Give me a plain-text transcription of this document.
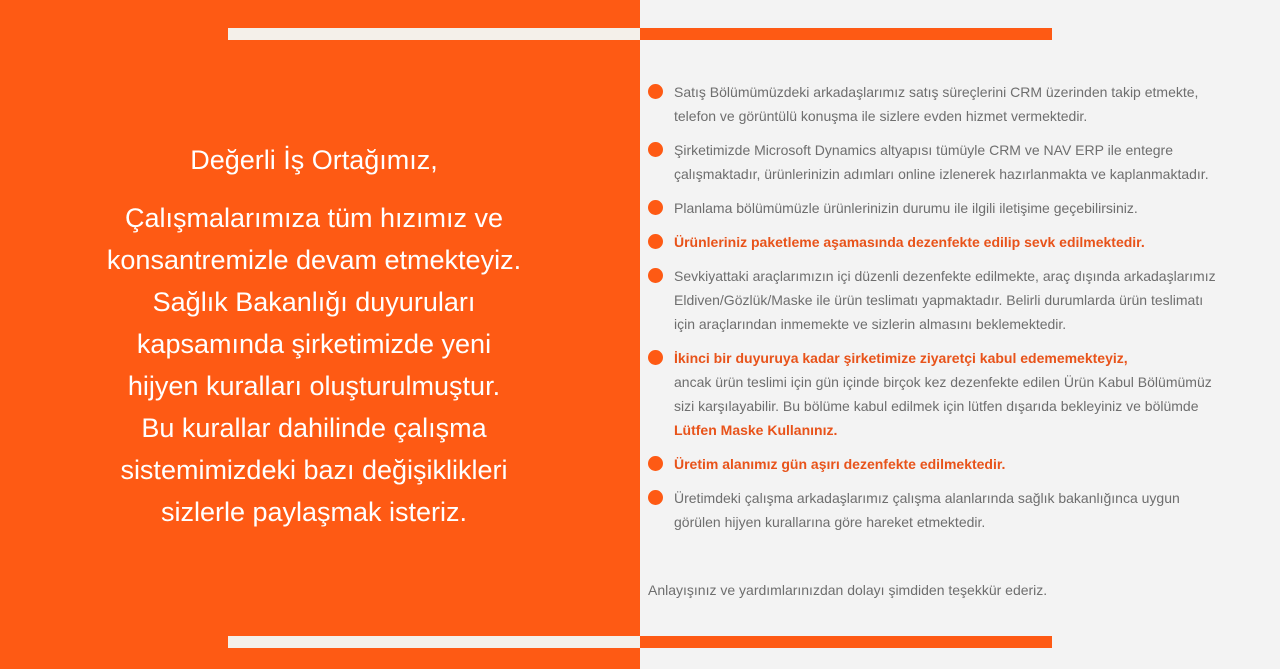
Değerli İş Ortağımız,
Çalışmalarımıza tüm hızımız ve
konsantremizle devam etmekteyiz.
Sağlık Bakanlığı duyuruları
kapsamında şirketimizde yeni
hijyen kuralları oluşturulmuştur.
Bu kurallar dahilinde çalışma
sistemimizdeki bazı değişiklikleri
sizlerle paylaşmak isteriz.
Satış Bölümümüzdeki arkadaşlarımız satış süreçlerini CRM üzerinden takip etmekte,
telefon ve görüntülü konuşma ile sizlere evden hizmet vermektedir.
Şirketimizde Microsoft Dynamics altyapısı tümüyle CRM ve NAV ERP ile entegre
çalışmaktadır, ürünlerinizin adımları online izlenerek hazırlanmakta ve kaplanmaktadır.
Planlama bölümümüzle ürünlerinizin durumu ile ilgili iletişime geçebilirsiniz.
Ürünleriniz paketleme aşamasında dezenfekte edilip sevk edilmektedir.
Sevkiyattaki araçlarımızın içi düzenli dezenfekte edilmekte, araç dışında arkadaşlarımız
Eldiven/Gözlük/Maske ile ürün teslimatı yapmaktadır. Belirli durumlarda ürün teslimatı
için araçlarından inmemekte ve sizlerin almasını beklemektedir.
İkinci bir duyuruya kadar şirketimize ziyaretçi kabul edememekteyiz,
ancak ürün teslimi için gün içinde birçok kez dezenfekte edilen Ürün Kabul Bölümümüz
sizi karşılayabilir. Bu bölüme kabul edilmek için lütfen dışarıda bekleyiniz ve bölümde
Lütfen Maske Kullanınız.
Üretim alanımız gün aşırı dezenfekte edilmektedir.
Üretimdeki çalışma arkadaşlarımız çalışma alanlarında sağlık bakanlığınca uygun
görülen hijyen kurallarına göre hareket etmektedir.
Anlayışınız ve yardımlarınızdan dolayı şimdiden teşekkür ederiz.
